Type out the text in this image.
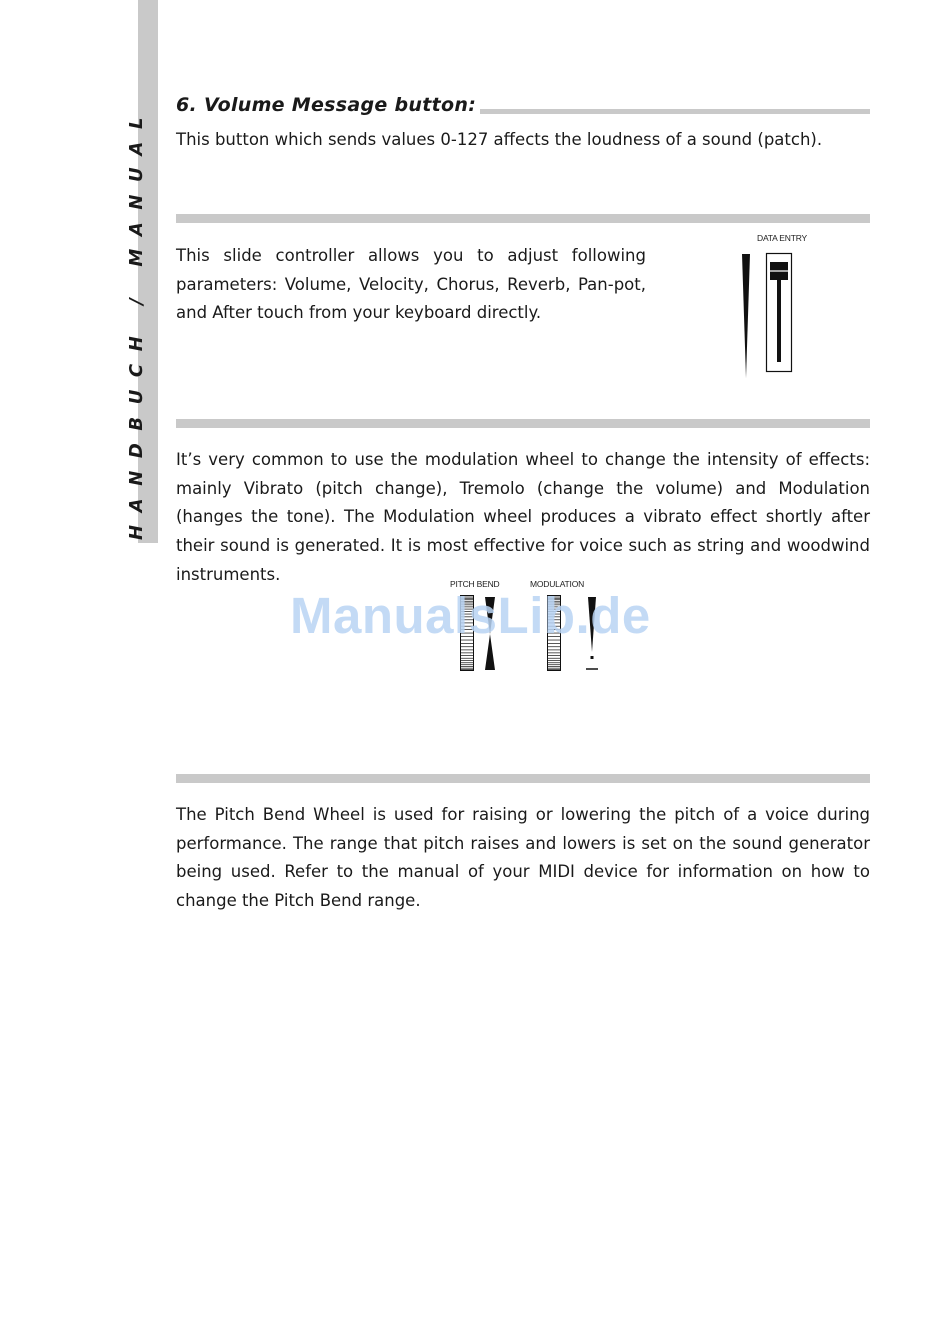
HANDBUCH / MANUAL 6. Volume Message button:

This button which sends values 0-127 affects the loudness of a sound (patch).

This slide controller allows you to adjust following parameters: Volume, Velocity, Chorus, Reverb, Pan-pot, and After touch from your keyboard directly.

DATA ENTRY

It’s very common to use the modulation wheel to change the intensity of effects: mainly Vibrato (pitch change), Tremolo (change the volume) and Modulation (hanges the tone). The Modulation wheel produces a vibrato effect shortly after their sound is generated. It is most effective for voice such as string and woodwind instruments.

PITCH BEND	MODULATION
ManualsLib.de

The Pitch Bend Wheel is used for raising or lowering the pitch of a voice during performance. The range that pitch raises and lowers is set on the sound generator being used. Refer to the manual of your MIDI device for information on how to change the Pitch Bend range.
